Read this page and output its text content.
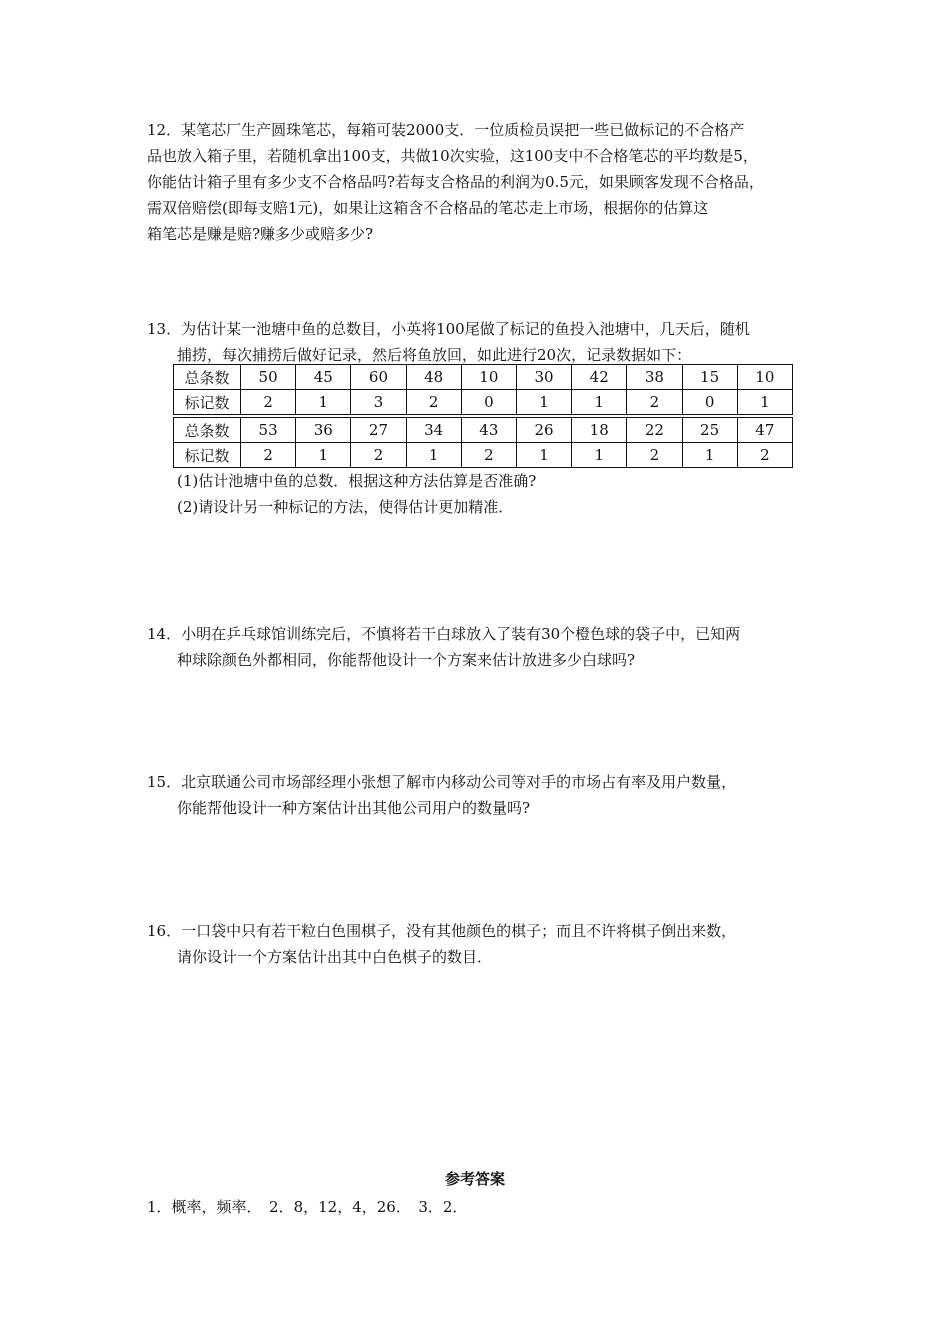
12．某笔芯厂生产圆珠笔芯，每箱可装2000支．一位质检员误把一些已做标记的不合格产

品也放入箱子里，若随机拿出100支，共做10次实验，这100支中不合格笔芯的平均数是5，

你能估计箱子里有多少支不合格品吗?若每支合格品的利润为0.5元，如果顾客发现不合格品，

需双倍赔偿(即每支赔1元)，如果让这箱含不合格品的笔芯走上市场，根据你的估算这

箱笔芯是赚是赔?赚多少或赔多少?

13．为估计某一池塘中鱼的总数目，小英将100尾做了标记的鱼投入池塘中，几天后，随机

捕捞，每次捕捞后做好记录，然后将鱼放回，如此进行20次，记录数据如下：

总条数	50	45	60	48	10	30	42	38	15	10
标记数	2	1	3	2	0	1	1	2	0	1
总条数	53	36	27	34	43	26	18	22	25	47
标记数	2	1	2	1	2	1	1	2	1	2

(1)估计池塘中鱼的总数．根据这种方法估算是否准确?

(2)请设计另一种标记的方法，使得估计更加精准．

14．小明在乒乓球馆训练完后，不慎将若干白球放入了装有30个橙色球的袋子中，已知两

种球除颜色外都相同，你能帮他设计一个方案来估计放进多少白球吗?

15．北京联通公司市场部经理小张想了解市内移动公司等对手的市场占有率及用户数量，

你能帮他设计一种方案估计出其他公司用户的数量吗?

16．一口袋中只有若干粒白色围棋子，没有其他颜色的棋子；而且不许将棋子倒出来数，

请你设计一个方案估计出其中白色棋子的数目．

参考答案
1．概率，频率．　2．8，12，4，26．　3．2．
